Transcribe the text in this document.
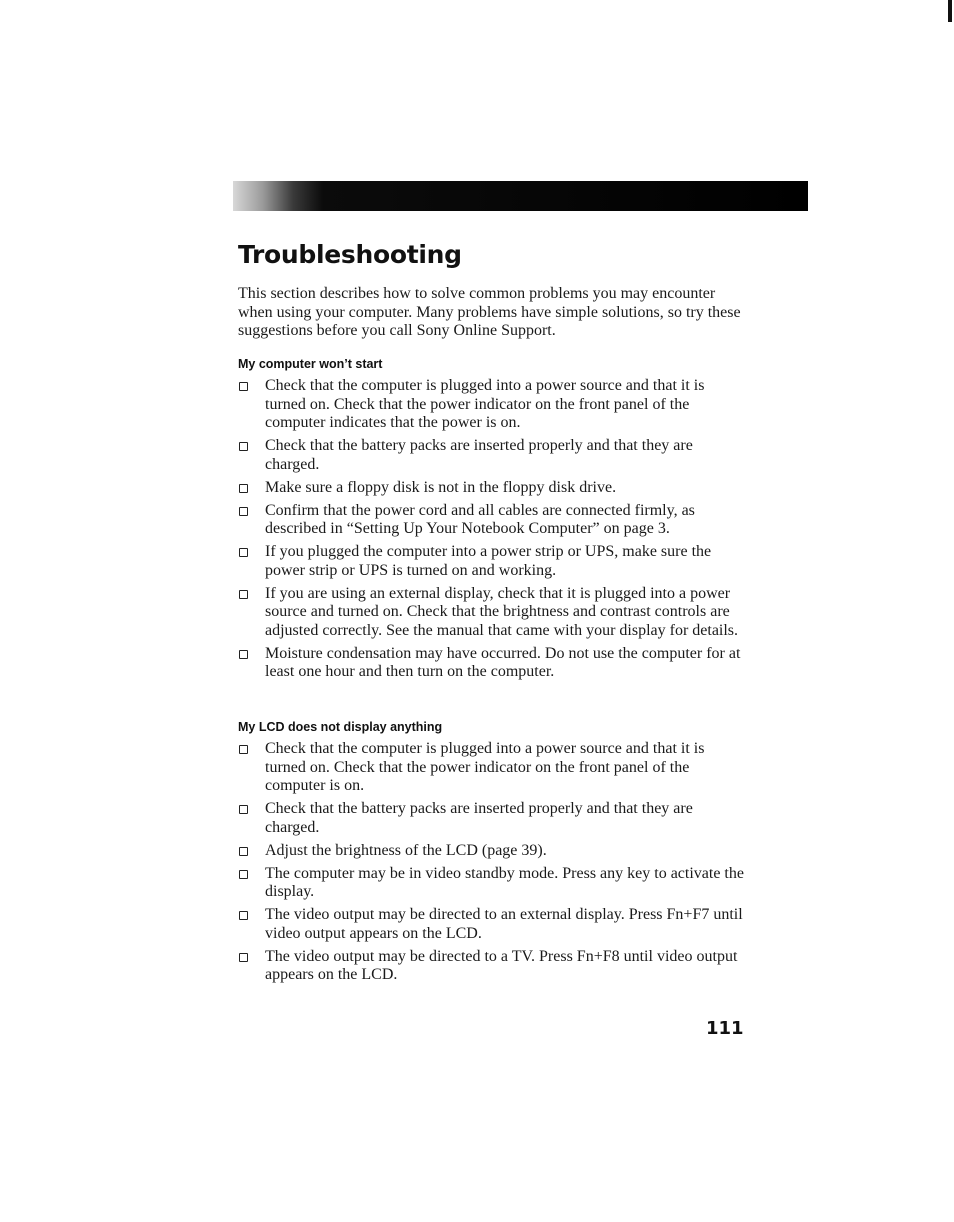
Troubleshooting

This section describes how to solve common problems you may encounter when using your computer. Many problems have simple solutions, so try these suggestions before you call Sony Online Support.

My computer won’t start
Check that the computer is plugged into a power source and that it is turned on. Check that the power indicator on the front panel of the computer indicates that the power is on.
Check that the battery packs are inserted properly and that they are charged.
Make sure a floppy disk is not in the floppy disk drive.
Confirm that the power cord and all cables are connected firmly, as described in “Setting Up Your Notebook Computer” on page 3.
If you plugged the computer into a power strip or UPS, make sure the power strip or UPS is turned on and working.
If you are using an external display, check that it is plugged into a power source and turned on. Check that the brightness and contrast controls are adjusted correctly. See the manual that came with your display for details.
Moisture condensation may have occurred. Do not use the computer for at least one hour and then turn on the computer.
My LCD does not display anything
Check that the computer is plugged into a power source and that it is turned on. Check that the power indicator on the front panel of the computer is on.
Check that the battery packs are inserted properly and that they are charged.
Adjust the brightness of the LCD (page 39).
The computer may be in video standby mode. Press any key to activate the display.
The video output may be directed to an external display. Press Fn+F7 until video output appears on the LCD.
The video output may be directed to a TV. Press Fn+F8 until video output appears on the LCD.
111
